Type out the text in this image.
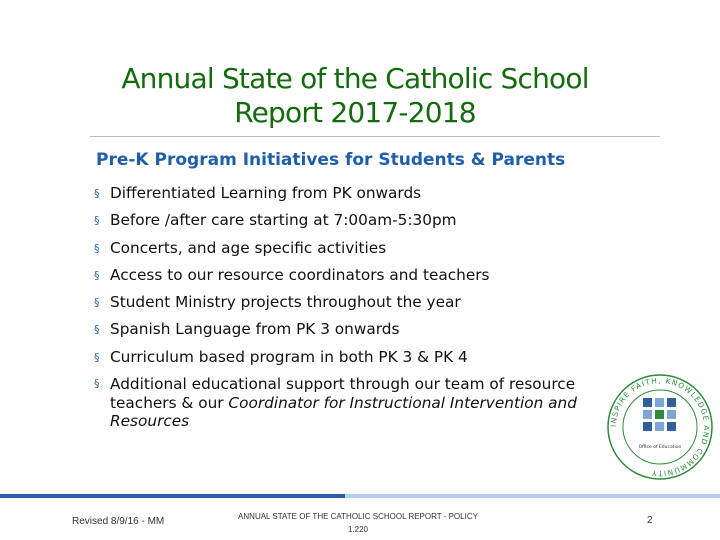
Annual State of the Catholic School
Report 2017-2018
Pre-K Program Initiatives for Students & Parents
§ Differentiated Learning from PK onwards
§ Before /after care starting at 7:00am-5:30pm
§ Concerts, and age specific activities
§ Access to our resource coordinators and teachers
§ Student Ministry projects throughout the year
§ Spanish Language from PK 3 onwards
§ Curriculum based program in both PK 3 & PK 4
§ Additional educational support through our team of resource teachers & our Coordinator for Instructional Intervention and Resources	INSPIRE FAITH, KNOWLEDGE AND COMMUNITY
Office of Education
Revised 8/9/16 - MM	ANNUAL STATE OF THE CATHOLIC SCHOOL REPORT - POLICY
1.220
2
